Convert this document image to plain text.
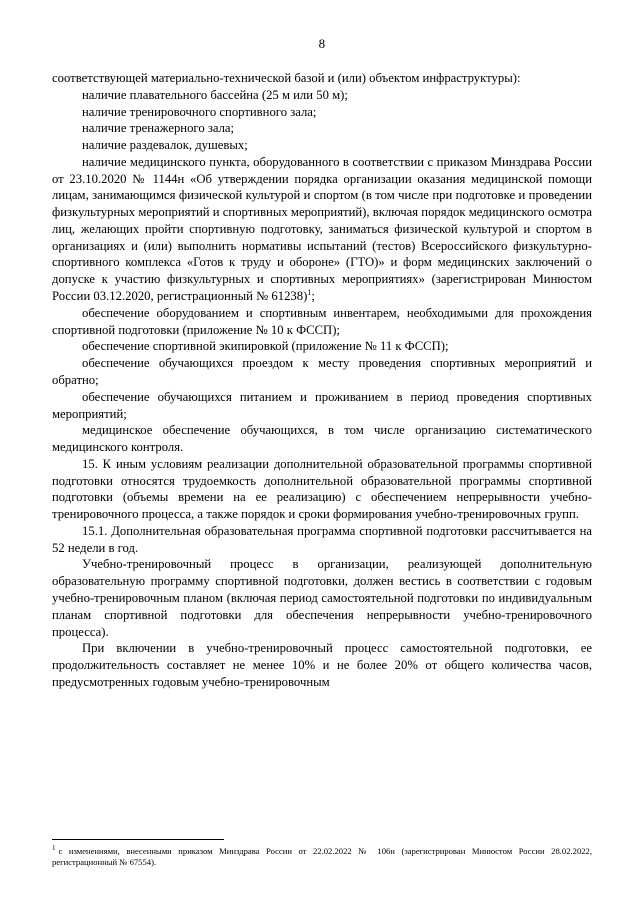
8

соответствующей материально-технической базой и (или) объектом инфраструктуры):

наличие плавательного бассейна (25 м или 50 м);

наличие тренировочного спортивного зала;

наличие тренажерного зала;

наличие раздевалок, душевых;

наличие медицинского пункта, оборудованного в соответствии с приказом Минздрава России от 23.10.2020 № 1144н «Об утверждении порядка организации оказания медицинской помощи лицам, занимающимся физической культурой и спортом (в том числе при подготовке и проведении физкультурных мероприятий и спортивных мероприятий), включая порядок медицинского осмотра лиц, желающих пройти спортивную подготовку, заниматься физической культурой и спортом в организациях и (или) выполнить нормативы испытаний (тестов) Всероссийского физкультурно-спортивного комплекса «Готов к труду и обороне» (ГТО)» и форм медицинских заключений о допуске к участию физкультурных и спортивных мероприятиях» (зарегистрирован Минюстом России 03.12.2020, регистрационный № 61238)$^1$;

обеспечение оборудованием и спортивным инвентарем, необходимыми для прохождения спортивной подготовки (приложение № 10 к ФССП);

обеспечение спортивной экипировкой (приложение № 11 к ФССП);

обеспечение обучающихся проездом к месту проведения спортивных мероприятий и обратно;

обеспечение обучающихся питанием и проживанием в период проведения спортивных мероприятий;

медицинское обеспечение обучающихся, в том числе организацию систематического медицинского контроля.

15. К иным условиям реализации дополнительной образовательной программы спортивной подготовки относятся трудоемкость дополнительной образовательной программы спортивной подготовки (объемы времени на ее реализацию) с обеспечением непрерывности учебно-тренировочного процесса, а также порядок и сроки формирования учебно-тренировочных групп.

15.1. Дополнительная образовательная программа спортивной подготовки рассчитывается на 52 недели в год.

Учебно-тренировочный процесс в организации, реализующей дополнительную образовательную программу спортивной подготовки, должен вестись в соответствии с годовым учебно-тренировочным планом (включая период самостоятельной подготовки по индивидуальным планам спортивной подготовки для обеспечения непрерывности учебно-тренировочного процесса).

При включении в учебно-тренировочный процесс самостоятельной подготовки, ее продолжительность составляет не менее 10% и не более 20% от общего количества часов, предусмотренных годовым учебно-тренировочным

$^1$ с изменениями, внесенными приказом Минздрава России от 22.02.2022 № 106н (зарегистрирован Минюстом России 28.02.2022, регистрационный № 67554).
